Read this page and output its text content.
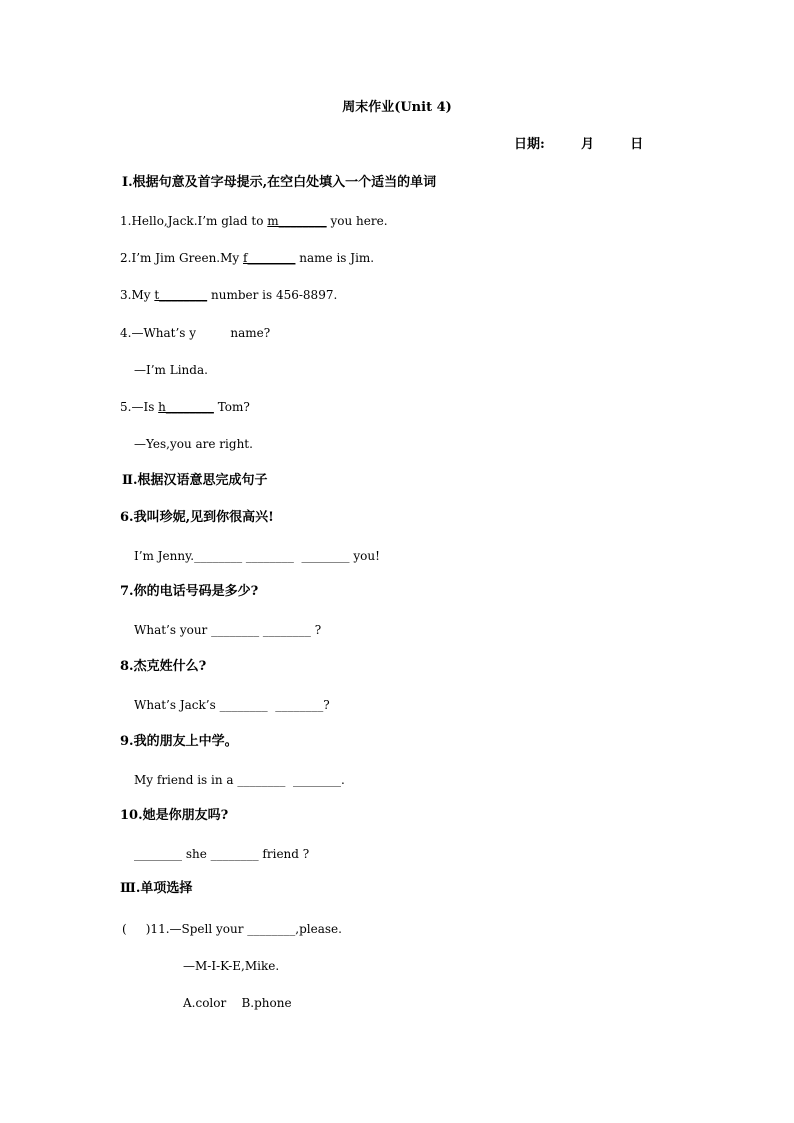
周末作业(Unit 4)
日期:        月        日
Ⅰ.根据句意及首字母提示,在空白处填入一个适当的单词
1.Hello,Jack.I’m glad to m________ you here.
2.I’m Jim Green.My f________ name is Jim.
3.My t________ number is 456-8897.
4.—What’s y         name?
—I’m Linda.
5.—Is h________ Tom?
—Yes,you are right.
Ⅱ.根据汉语意思完成句子
6.我叫珍妮,见到你很高兴!
I’m Jenny.________ ________  ________ you!
7.你的电话号码是多少?
What’s your ________ ________ ?
8.杰克姓什么?
What’s Jack’s ________  ________?
9.我的朋友上中学。
My friend is in a ________  ________.
10.她是你朋友吗?
________ she ________ friend ?
Ⅲ.单项选择
(     )11.—Spell your ________,please.
—M-I-K-E,Mike.
A.color    B.phone
